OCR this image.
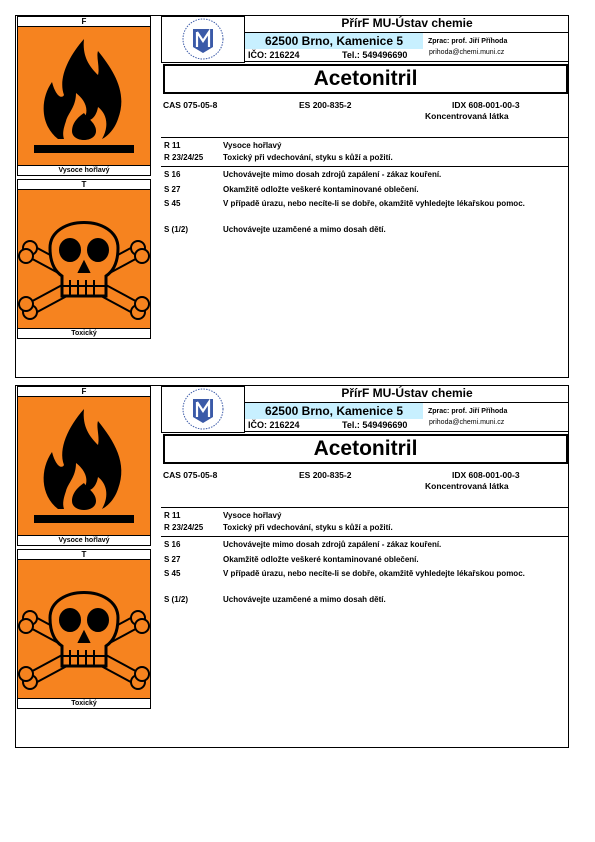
F
Vysoce hořlavý
T
Toxický
PřírF MU-Ústav chemie
62500 Brno, Kamenice 5	Zprac: prof. Jiří Příhoda
IČO: 216224	Tel.: 549496690	prihoda@chemi.muni.cz
Acetonitril
CAS 075-05-8	ES 200-835-2	IDX 608-001-00-3
Koncentrovaná látka
R 11	Vysoce hořlavý
R 23/24/25	Toxický při vdechování, styku s kůží a požití.
S 16	Uchovávejte mimo dosah zdrojů zapálení - zákaz kouření.
S 27	Okamžitě odložte veškeré kontaminované oblečení.
S 45	V případě úrazu, nebo necíte-li se dobře, okamžitě vyhledejte lékařskou pomoc.
S (1/2)	Uchovávejte uzamčené a mimo dosah dětí.
F
Vysoce hořlavý
T
Toxický
PřírF MU-Ústav chemie
62500 Brno, Kamenice 5	Zprac: prof. Jiří Příhoda
IČO: 216224	Tel.: 549496690	prihoda@chemi.muni.cz
Acetonitril
CAS 075-05-8	ES 200-835-2	IDX 608-001-00-3
Koncentrovaná látka
R 11	Vysoce hořlavý
R 23/24/25	Toxický při vdechování, styku s kůží a požití.
S 16	Uchovávejte mimo dosah zdrojů zapálení - zákaz kouření.
S 27	Okamžitě odložte veškeré kontaminované oblečení.
S 45	V případě úrazu, nebo necíte-li se dobře, okamžitě vyhledejte lékařskou pomoc.
S (1/2)	Uchovávejte uzamčené a mimo dosah dětí.
